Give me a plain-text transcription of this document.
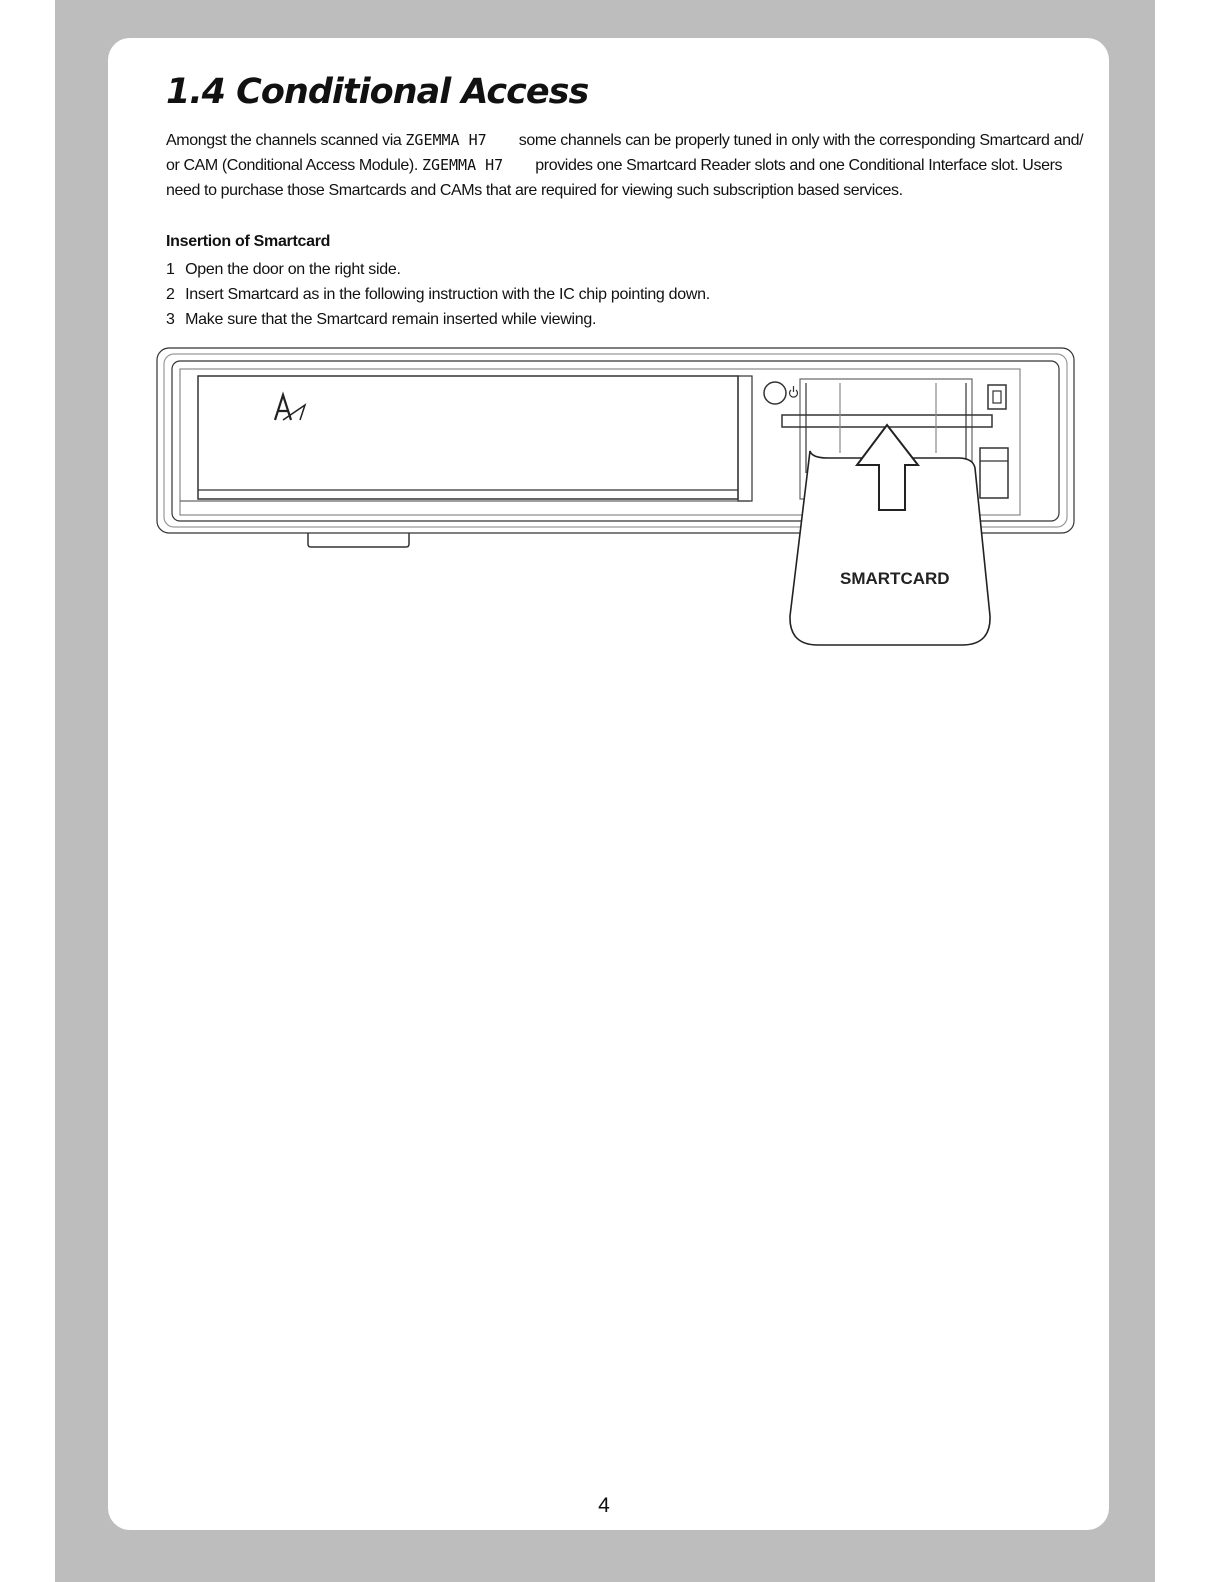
1.4 Conditional Access

Amongst the channels scanned via ZGEMMA H7 some channels can be properly tuned in only with the corresponding Smartcard and/ or CAM (Conditional Access Module). ZGEMMA H7 provides one Smartcard Reader slots and one Conditional Interface slot. Users need to purchase those Smartcards and CAMs that are required for viewing such subscription based services.

Insertion of Smartcard
1 Open the door on the right side.
2 Insert Smartcard as in the following instruction with the IC chip pointing down.
3 Make sure that the Smartcard remain inserted while viewing.
SMARTCARD
4
